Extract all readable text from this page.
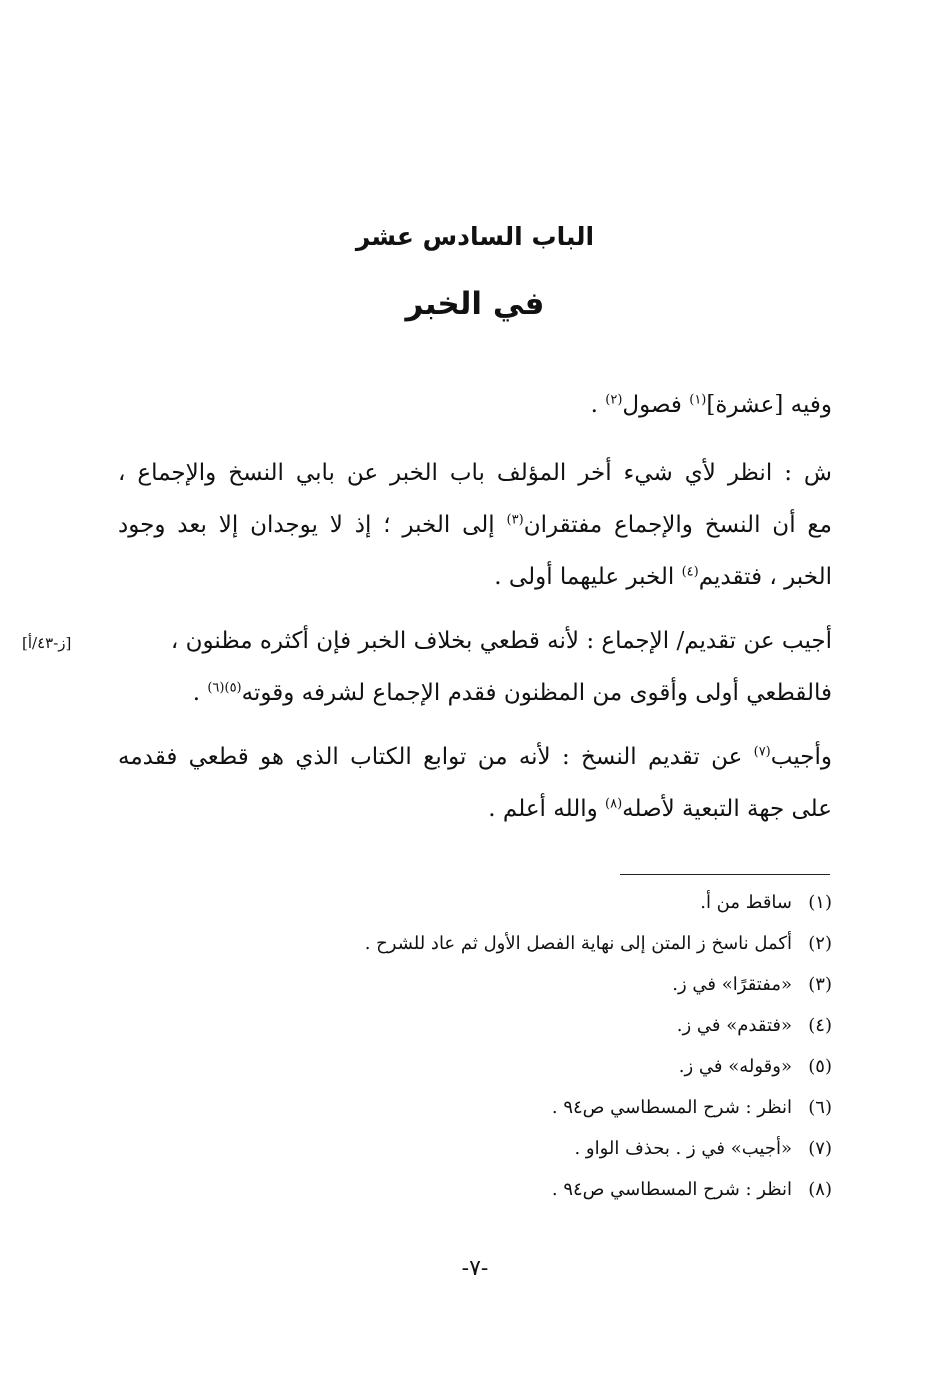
الباب السادس عشر
في الخبر
وفيه [عشرة]$^{(١)}$ فصول$^{(٢)}$ .
ش : انظر لأي شيء أخر المؤلف باب الخبر عن بابي النسخ والإجماع ،
مع أن النسخ والإجماع مفتقران$^{(٣)}$ إلى الخبر ؛ إذ لا يوجدان إلا بعد وجود
الخبر ، فتقديم$^{(٤)}$ الخبر عليهما أولى .
أجيب عن تقديم/ الإجماع : لأنه قطعي بخلاف الخبر فإن أكثره مظنون ،
[ز-٤٣/أ]
فالقطعي أولى وأقوى من المظنون فقدم الإجماع لشرفه وقوته$^{(٥)(٦)}$ .
وأجيب$^{(٧)}$ عن تقديم النسخ : لأنه من توابع الكتاب الذي هو قطعي فقدمه
على جهة التبعية لأصله$^{(٨)}$ والله أعلم .
(١)ساقط من أ.
(٢)أكمل ناسخ ز المتن إلى نهاية الفصل الأول ثم عاد للشرح .
(٣)«مفتقرًا» في ز.
(٤)«فتقدم» في ز.
(٥)«وقوله» في ز.
(٦)انظر : شرح المسطاسي ص٩٤ .
(٧)«أجيب» في ز . بحذف الواو .
(٨)انظر : شرح المسطاسي ص٩٤ .
-٧-
